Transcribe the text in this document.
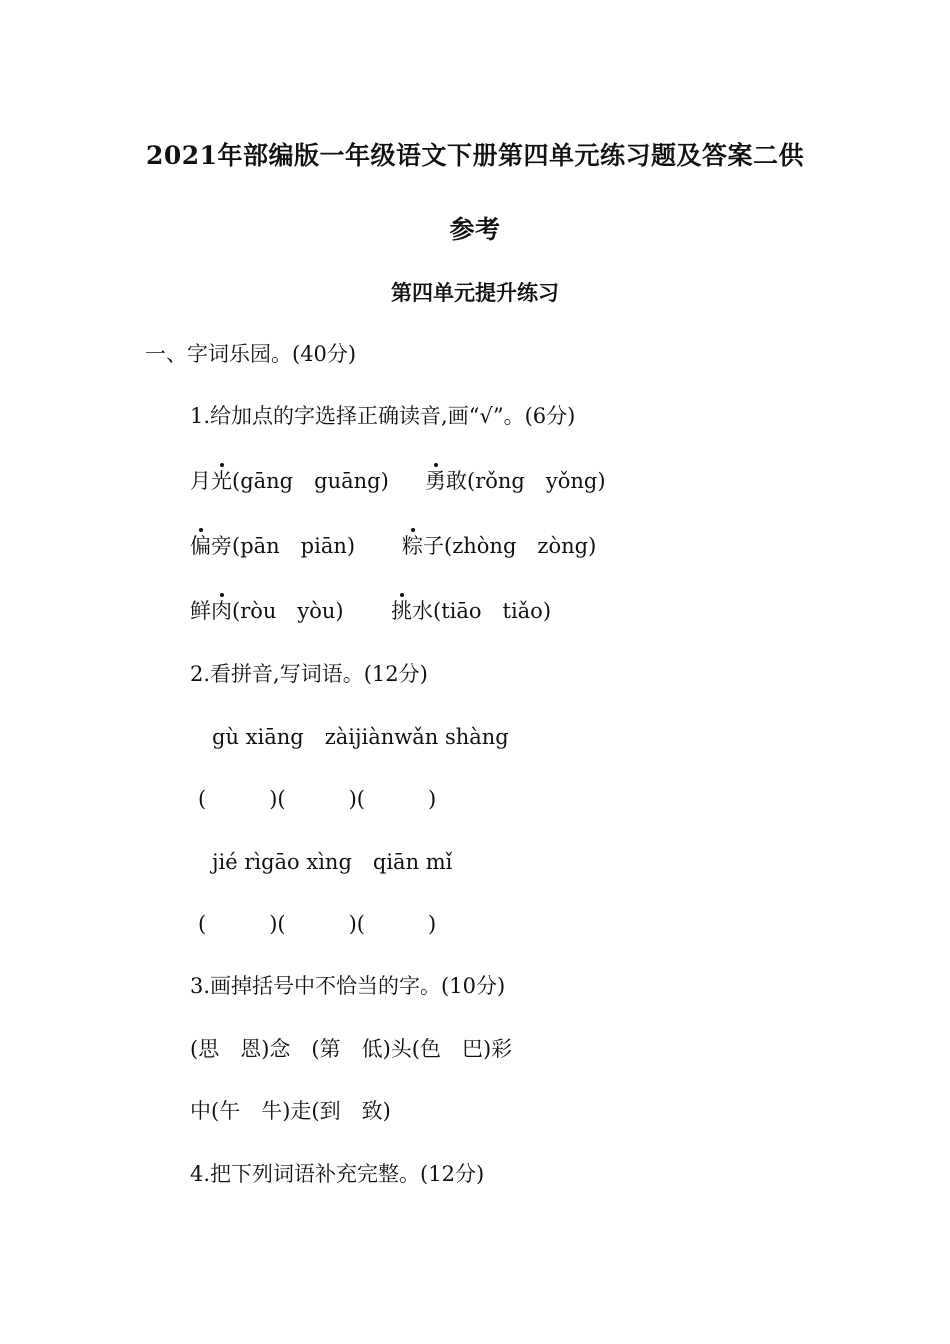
2021年部编版一年级语文下册第四单元练习题及答案二供
参考
第四单元提升练习
一、字词乐园。(40分)
1.给加点的字选择正确读音,画“√”。(6分)
月光(gāng　guāng) 勇敢(rǒng　yǒng)
偏旁(pān　piān) 粽子(zhòng　zòng)
鲜肉(ròu　yòu) 挑水(tiāo　tiǎo)
2.看拼音,写词语。(12分)
gù xiāng　zàijiànwǎn shàng
(　　　)(　　　)(　　　)
jié rìgāo xìng　qiān mǐ
(　　　)(　　　)(　　　)
3.画掉括号中不恰当的字。(10分)
(思　恩)念　(第　低)头(色　巴)彩
中(午　牛)走(到　致)
4.把下列词语补充完整。(12分)
